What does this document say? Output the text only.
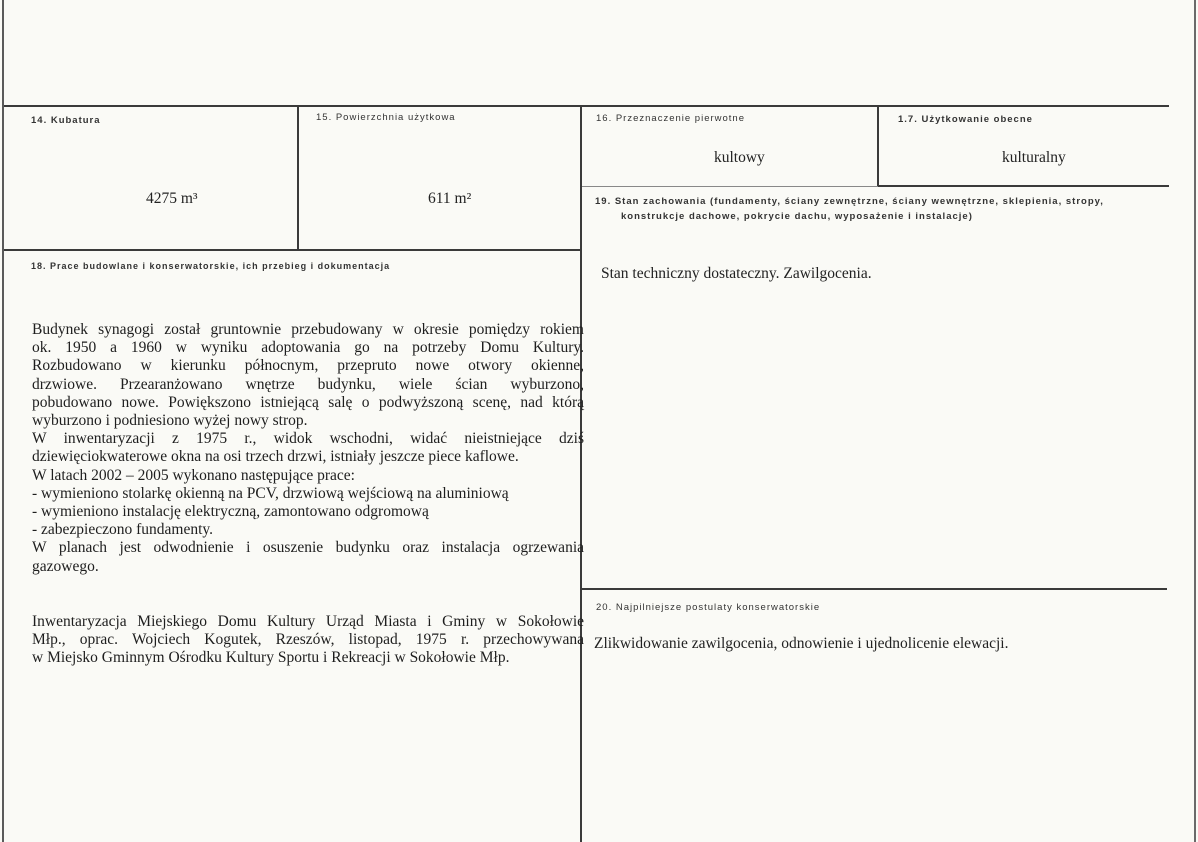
14. Kubatura
4275 m³
15. Powierzchnia użytkowa
611 m²
16. Przeznaczenie pierwotne
kultowy
1.7. Użytkowanie obecne
kulturalny
19. Stan zachowania (fundamenty, ściany zewnętrzne, ściany wewnętrzne, sklepienia, stropy,
konstrukcje dachowe, pokrycie dachu, wyposażenie i instalacje)
Stan techniczny dostateczny. Zawilgocenia.
18. Prace budowlane i konserwatorskie, ich przebieg i dokumentacja
Budynek synagogi został gruntownie przebudowany w okresie pomiędzy rokiem
ok. 1950 a 1960 w wyniku adoptowania go na potrzeby Domu Kultury.
Rozbudowano w kierunku północnym, przepruto nowe otwory okienne,
drzwiowe. Przearanżowano wnętrze budynku, wiele ścian wyburzono,
pobudowano nowe. Powiększono istniejącą salę o podwyższoną scenę, nad którą
wyburzono i podniesiono wyżej nowy strop.
W inwentaryzacji z 1975 r., widok wschodni, widać nieistniejące dziś
dziewięciokwaterowe okna na osi trzech drzwi, istniały jeszcze piece kaflowe.
W latach 2002 – 2005 wykonano następujące prace:
- wymieniono stolarkę okienną na PCV, drzwiową wejściową na aluminiową
- wymieniono instalację elektryczną, zamontowano odgromową
- zabezpieczono fundamenty.
W planach jest odwodnienie i osuszenie budynku oraz instalacja ogrzewania
gazowego.
Inwentaryzacja Miejskiego Domu Kultury Urząd Miasta i Gminy w Sokołowie
Młp., oprac. Wojciech Kogutek, Rzeszów, listopad, 1975 r. przechowywana
w Miejsko Gminnym Ośrodku Kultury Sportu i Rekreacji w Sokołowie Młp.
20. Najpilniejsze postulaty konserwatorskie
Zlikwidowanie zawilgocenia, odnowienie i ujednolicenie elewacji.
